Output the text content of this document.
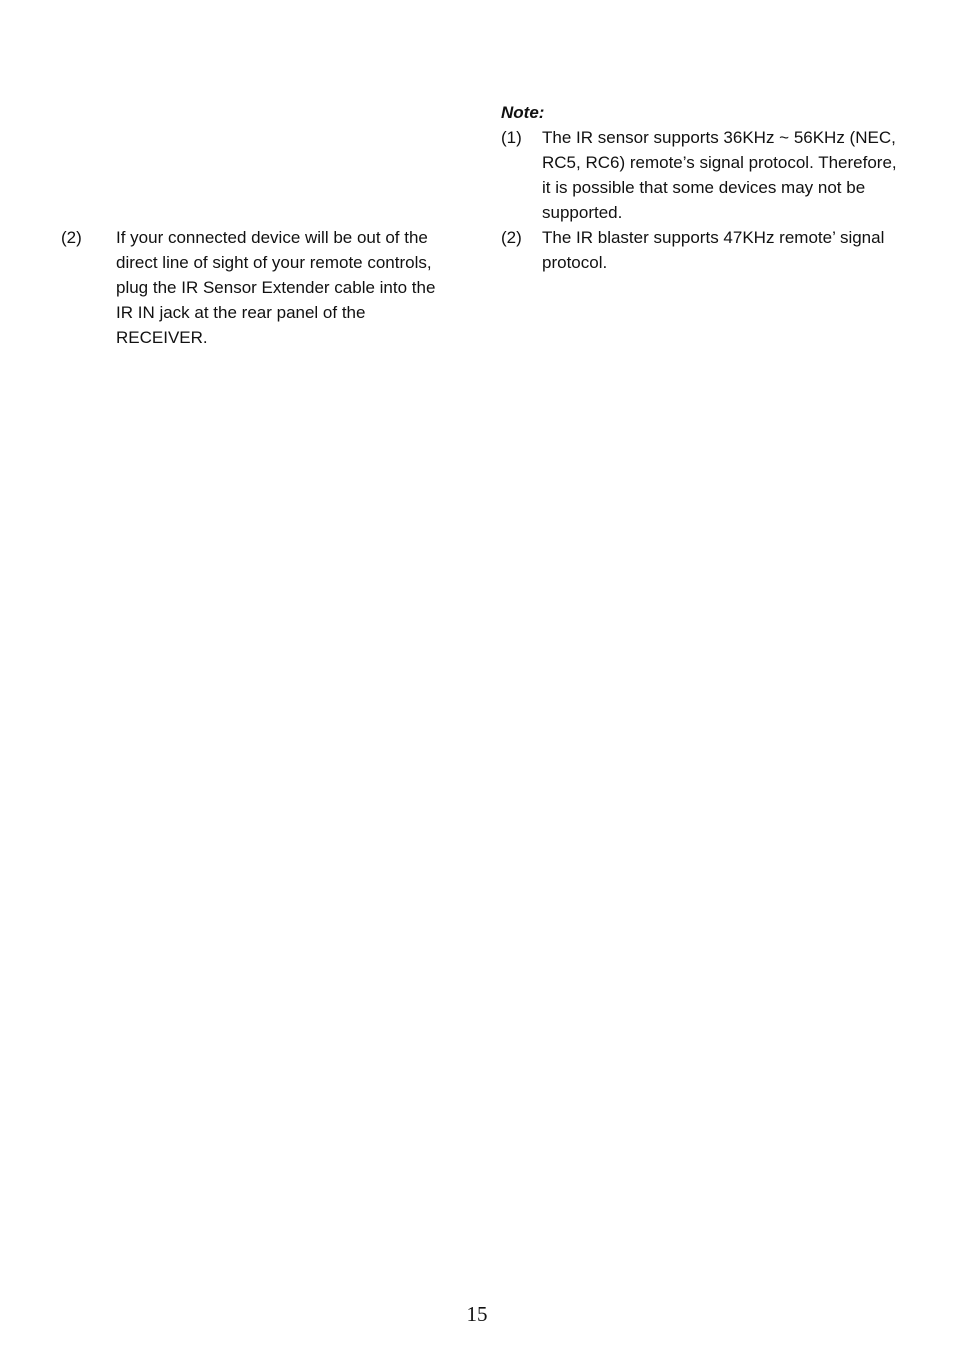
(2)	If your connected device will be out of the direct line of sight of your remote controls, plug the IR Sensor Extender cable into the IR IN jack at the rear panel of the RECEIVER.
Note:
(1) The IR sensor supports 36KHz ~ 56KHz (NEC, RC5, RC6) remote’s signal protocol. Therefore, it is possible that some devices may not be supported.
(2) The IR blaster supports 47KHz remote’ signal protocol.
15
